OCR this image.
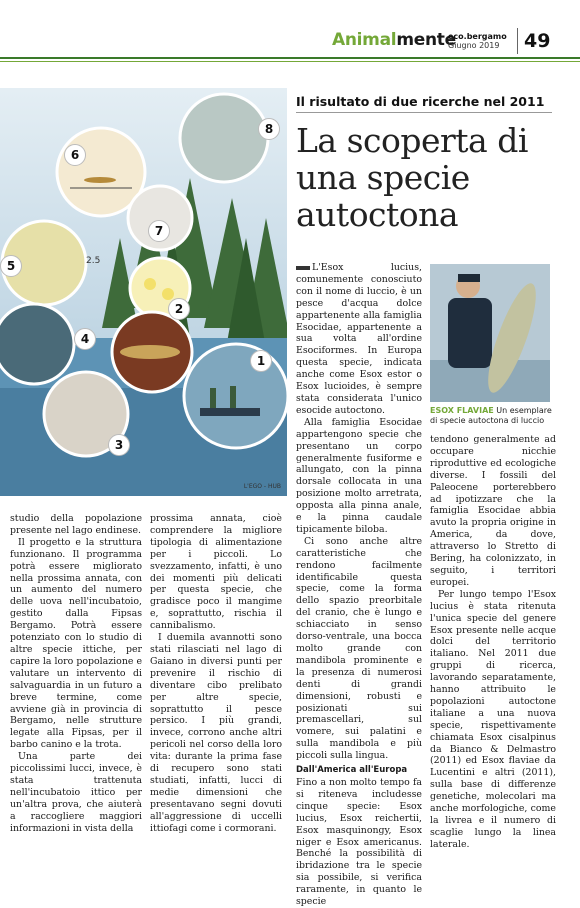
Animalmente
eco.bergamo
Giugno 2019	49
2.5
8
6
7
5
2
4
1
3
L'EGO - HUB
Il risultato di due ricerche nel 2011
La scoperta di una specie autoctona

L'Esox lucius, comunemente conosciuto con il nome di luccio, è un pesce d'acqua dolce appartenente alla famiglia Esocidae, appartenente a sua volta all'ordine Esociformes. In Europa questa specie, indicata anche come Esox estor o Esox lucioides, è sempre stata considerata l'unico esocide autoctono.

Alla famiglia Esocidae appartengono specie che presentano un corpo generalmente fusiforme e allungato, con la pinna dorsale collocata in una posizione molto arretrata, opposta alla pinna anale, e la pinna caudale tipicamente biloba.

Ci sono anche altre caratteristiche che rendono facilmente identificabile questa specie, come la forma dello spazio preorbitale del cranio, che è lungo e schiacciato in senso dorso-ventrale, una bocca molto grande con mandibola prominente e la presenza di numerosi denti di grandi dimensioni, robusti e posizionati sui premascellari, sul vomere, sui palatini e sulla mandibola e più piccoli sulla lingua.

Dall'America all'Europa

Fino a non molto tempo fa si riteneva includesse cinque specie: Esox lucius, Esox reichertii, Esox masquinongy, Esox niger e Esox americanus. Benché la possibilità di ibridazione tra le specie sia possibile, si verifica raramente, in quanto le specie

ESOX FLAVIAE Un esemplare di specie autoctona di luccio

tendono generalmente ad occupare nicchie riproduttive ed ecologiche diverse. I fossili del Paleocene porterebbero ad ipotizzare che la famiglia Esocidae abbia avuto la propria origine in America, da dove, attraverso lo Stretto di Bering, ha colonizzato, in seguito, i territori europei.

Per lungo tempo l'Esox lucius è stata ritenuta l'unica specie del genere Esox presente nelle acque dolci del territorio italiano. Nel 2011 due gruppi di ricerca, lavorando separatamente, hanno attribuito le popolazioni autoctone italiane a una nuova specie, rispettivamente chiamata Esox cisalpinus da Bianco & Delmastro (2011) ed Esox flaviae da Lucentini e altri (2011), sulla base di differenze genetiche, molecolari ma anche morfologiche, come la livrea e il numero di scaglie lungo la linea laterale.

studio della popolazione presente nel lago endinese.

Il progetto e la struttura funzionano. Il programma potrà essere migliorato nella prossima annata, con un aumento del numero delle uova nell'incubatoio, gestito dalla Fipsas Bergamo. Potrà essere potenziato con lo studio di altre specie ittiche, per capire la loro popolazione e valutare un intervento di salvaguardia in un futuro a breve termine, come avviene già in provincia di Bergamo, nelle strutture legate alla Fipsas, per il barbo canino e la trota.

Una parte dei piccolissimi lucci, invece, è stata trattenuta nell'incubatoio ittico per un'altra prova, che aiuterà a raccogliere maggiori informazioni in vista della

prossima annata, cioè comprendere la migliore tipologia di alimentazione per i piccoli. Lo svezzamento, infatti, è uno dei momenti più delicati per questa specie, che gradisce poco il mangime e, soprattutto, rischia il cannibalismo.

I duemila avannotti sono stati rilasciati nel lago di Gaiano in diversi punti per prevenire il rischio di diventare cibo prelibato per altre specie, soprattutto il pesce persico. I più grandi, invece, corrono anche altri pericoli nel corso della loro vita: durante la prima fase di recupero sono stati studiati, infatti, lucci di medie dimensioni che presentavano segni dovuti all'aggressione di uccelli ittiofagi come i cormorani.
